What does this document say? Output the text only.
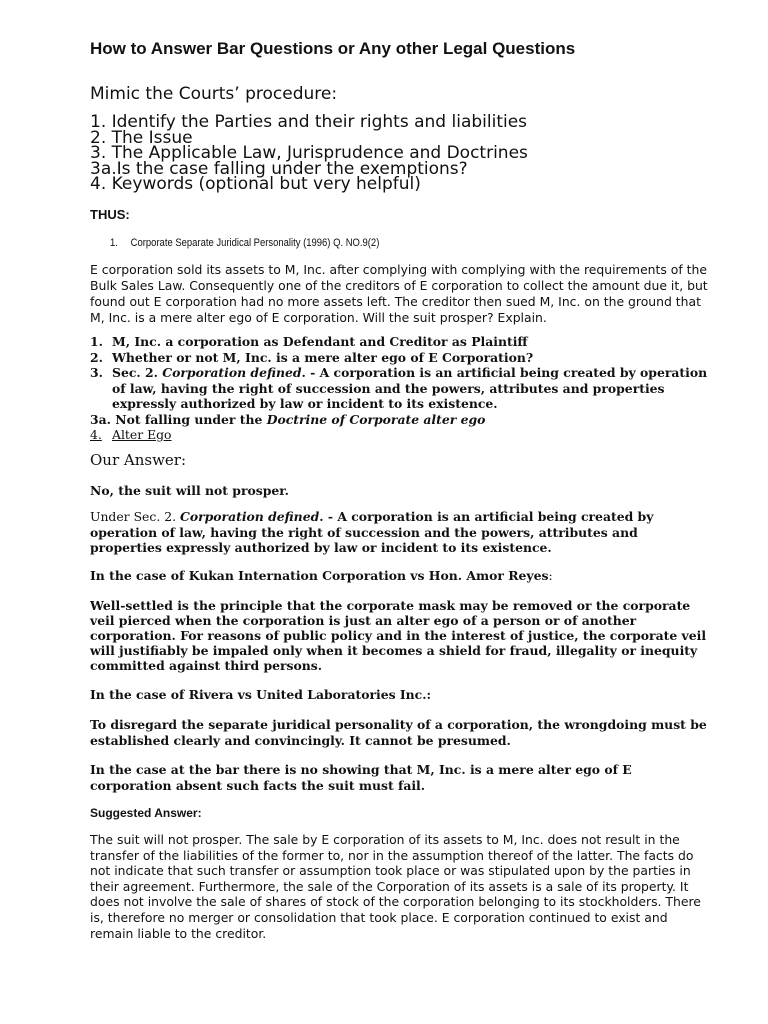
How to Answer Bar Questions or Any other Legal Questions
Mimic the Courts’ procedure:
1. Identify the Parties and their rights and liabilities
2. The Issue
3. The Applicable Law, Jurisprudence and Doctrines
3a.Is the case falling under the exemptions?
4. Keywords (optional but very helpful)
THUS:
1. Corporate Separate Juridical Personality (1996) Q. NO.9(2)
E corporation sold its assets to M, Inc. after complying with complying with the requirements of the Bulk Sales Law. Consequently one of the creditors of E corporation to collect the amount due it, but found out E corporation had no more assets left. The creditor then sued M, Inc. on the ground that M, Inc. is a mere alter ego of E corporation. Will the suit prosper? Explain.
1. M, Inc. a corporation as Defendant and Creditor as Plaintiff
2. Whether or not M, Inc. is a mere alter ego of E Corporation?
3. Sec. 2. Corporation defined. - A corporation is an artificial being created by operation of law, having the right of succession and the powers, attributes and properties expressly authorized by law or incident to its existence.
3a. Not falling under the Doctrine of Corporate alter ego
4. Alter Ego
Our Answer:
No, the suit will not prosper.
Under Sec. 2. Corporation defined. - A corporation is an artificial being created by operation of law, having the right of succession and the powers, attributes and properties expressly authorized by law or incident to its existence.
In the case of Kukan Internation Corporation vs Hon. Amor Reyes:
Well-settled is the principle that the corporate mask may be removed or the corporate veil pierced when the corporation is just an alter ego of a person or of another corporation. For reasons of public policy and in the interest of justice, the corporate veil will justifiably be impaled only when it becomes a shield for fraud, illegality or inequity committed against third persons.
In the case of Rivera vs United Laboratories Inc.:
To disregard the separate juridical personality of a corporation, the wrongdoing must be established clearly and convincingly. It cannot be presumed.
In the case at the bar there is no showing that M, Inc. is a mere alter ego of E corporation absent such facts the suit must fail.
Suggested Answer:
The suit will not prosper. The sale by E corporation of its assets to M, Inc. does not result in the transfer of the liabilities of the former to, nor in the assumption thereof of the latter. The facts do not indicate that such transfer or assumption took place or was stipulated upon by the parties in their agreement. Furthermore, the sale of the Corporation of its assets is a sale of its property. It does not involve the sale of shares of stock of the corporation belonging to its stockholders. There is, therefore no merger or consolidation that took place. E corporation continued to exist and remain liable to the creditor.
